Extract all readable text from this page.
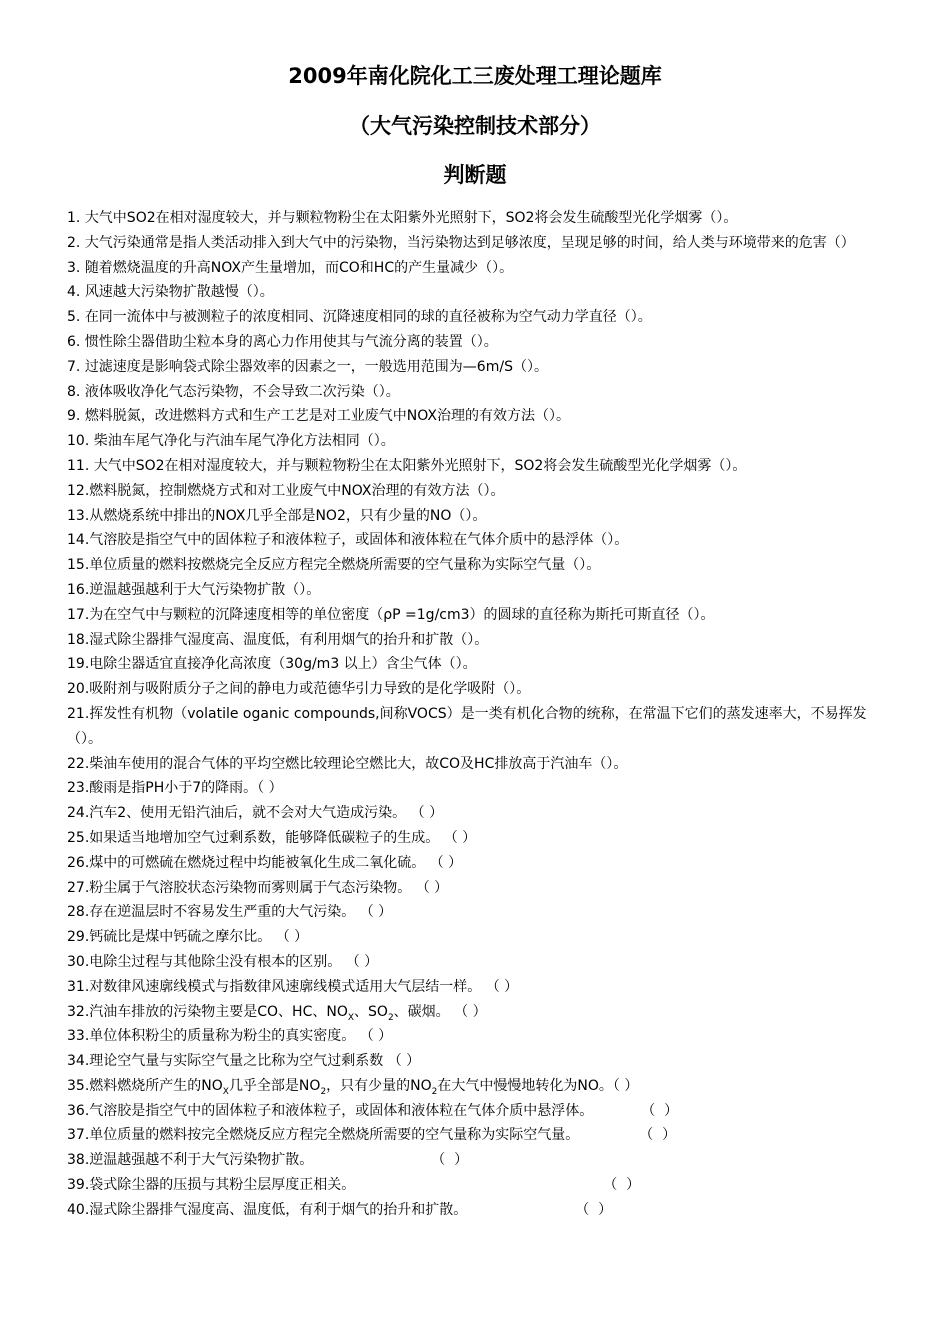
2009年南化院化工三废处理工理论题库
（大气污染控制技术部分）
判断题
1. 大气中SO2在相对湿度较大，并与颗粒物粉尘在太阳紫外光照射下，SO2将会发生硫酸型光化学烟雾（）。
2. 大气污染通常是指人类活动排入到大气中的污染物，当污染物达到足够浓度，呈现足够的时间，给人类与环境带来的危害（）
3. 随着燃烧温度的升高NOX产生量增加，而CO和HC的产生量减少（）。
4. 风速越大污染物扩散越慢（）。
5. 在同一流体中与被测粒子的浓度相同、沉降速度相同的球的直径被称为空气动力学直径（）。
6. 惯性除尘器借助尘粒本身的离心力作用使其与气流分离的装置（）。
7. 过滤速度是影响袋式除尘器效率的因素之一，一般选用范围为—6m/S（）。
8. 液体吸收净化气态污染物，不会导致二次污染（）。
9. 燃料脱氮，改进燃料方式和生产工艺是对工业废气中NOX治理的有效方法（）。
10. 柴油车尾气净化与汽油车尾气净化方法相同（）。
11. 大气中SO2在相对湿度较大，并与颗粒物粉尘在太阳紫外光照射下，SO2将会发生硫酸型光化学烟雾（）。
12.燃料脱氮，控制燃烧方式和对工业废气中NOX治理的有效方法（）。
13.从燃烧系统中排出的NOX几乎全部是NO2，只有少量的NO（）。
14.气溶胶是指空气中的固体粒子和液体粒子，或固体和液体粒在气体介质中的悬浮体（）。
15.单位质量的燃料按燃烧完全反应方程完全燃烧所需要的空气量称为实际空气量（）。
16.逆温越强越利于大气污染物扩散（）。
17.为在空气中与颗粒的沉降速度相等的单位密度（ρP =1g/cm3）的圆球的直径称为斯托可斯直径（）。
18.湿式除尘器排气湿度高、温度低，有利用烟气的抬升和扩散（）。
19.电除尘器适宜直接净化高浓度（30g/m3 以上）含尘气体（）。
20.吸附剂与吸附质分子之间的静电力或范德华引力导致的是化学吸附（）。
21.挥发性有机物（volatile oganic compounds,间称VOCS）是一类有机化合物的统称，在常温下它们的蒸发速率大，不易挥发（）。
22.柴油车使用的混合气体的平均空燃比较理论空燃比大，故CO及HC排放高于汽油车（）。
23.酸雨是指PH小于7的降雨。（ ）
24.汽车2、使用无铅汽油后，就不会对大气造成污染。 （ ）
25.如果适当地增加空气过剩系数，能够降低碳粒子的生成。 （ ）
26.煤中的可燃硫在燃烧过程中均能被氧化生成二氧化硫。 （ ）
27.粉尘属于气溶胶状态污染物而雾则属于气态污染物。 （ ）
28.存在逆温层时不容易发生严重的大气污染。 （ ）
29.钙硫比是煤中钙硫之摩尔比。 （ ）
30.电除尘过程与其他除尘没有根本的区别。 （ ）
31.对数律风速廓线模式与指数律风速廓线模式适用大气层结一样。 （ ）
32.汽油车排放的污染物主要是CO、HC、$NO_X$、$SO_2$、碳烟。 （ ）
33.单位体积粉尘的质量称为粉尘的真实密度。 （ ）
34.理论空气量与实际空气量之比称为空气过剩系数 （ ）
35.燃料燃烧所产生的$NO_X$几乎全部是$NO_2$，只有少量的$NO_2$在大气中慢慢地转化为NO。（ ）
36.气溶胶是指空气中的固体粒子和液体粒子，或固体和液体粒在气体介质中悬浮体。	（  ）
37.单位质量的燃料按完全燃烧反应方程完全燃烧所需要的空气量称为实际空气量。	（  ）
38.逆温越强越不利于大气污染物扩散。	（  ）
39.袋式除尘器的压损与其粉尘层厚度正相关。	（  ）
40.湿式除尘器排气湿度高、温度低，有利于烟气的抬升和扩散。	（  ）
